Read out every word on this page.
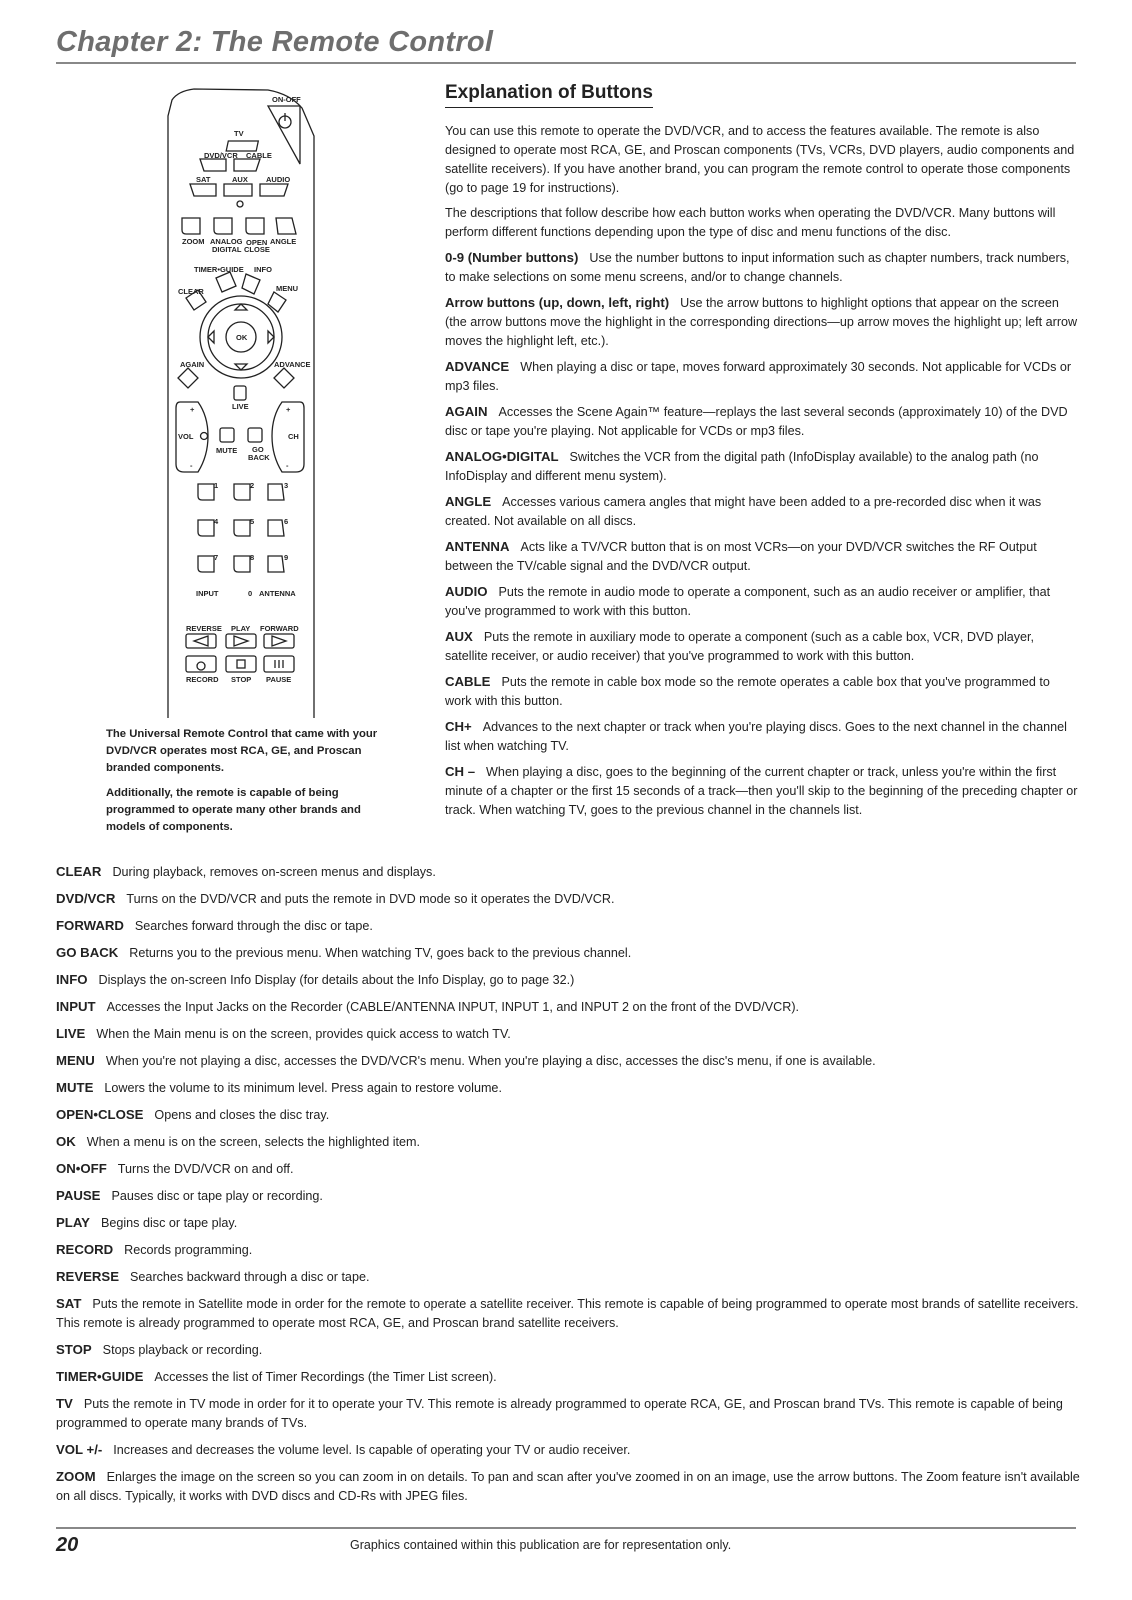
Chapter 2: The Remote Control
ON-OFF
TV
DVD/VCR CABLE
SAT	AUX AUDIO
ZOOM ANALOG
DIGITAL
OPEN
CLOSE
ANGLE
TIMER•GUIDE INFO
CLEAR	MENU
OK
AGAIN	ADVANCE
LIVE
VOL	CH
+	+
-	-
MUTE GO
BACK
1	2	3
4	5	6
7	8	9
INPUT	0 ANTENNA
REVERSE PLAY FORWARD
RECORD STOP PAUSE

The Universal Remote Control that came with your DVD/VCR operates most RCA, GE, and Proscan branded components.

Additionally, the remote is capable of being programmed to operate many other brands and models of components.

Explanation of Buttons

You can use this remote to operate the DVD/VCR, and to access the features available. The remote is also designed to operate most RCA, GE, and Proscan components (TVs, VCRs, DVD players, audio components and satellite receivers). If you have another brand, you can program the remote control to operate those components (go to page 19 for instructions).

The descriptions that follow describe how each button works when operating the DVD/VCR. Many buttons will perform different functions depending upon the type of disc and menu functions of the disc.

0-9 (Number buttons) Use the number buttons to input information such as chapter numbers, track numbers, to make selections on some menu screens, and/or to change channels.

Arrow buttons (up, down, left, right) Use the arrow buttons to highlight options that appear on the screen (the arrow buttons move the highlight in the corresponding directions—up arrow moves the highlight up; left arrow moves the highlight left, etc.).

ADVANCE When playing a disc or tape, moves forward approximately 30 seconds. Not applicable for VCDs or mp3 files.

AGAIN Accesses the Scene Again™ feature—replays the last several seconds (approximately 10) of the DVD disc or tape you're playing. Not applicable for VCDs or mp3 files.

ANALOG•DIGITAL Switches the VCR from the digital path (InfoDisplay available) to the analog path (no InfoDisplay and different menu system).

ANGLE Accesses various camera angles that might have been added to a pre-recorded disc when it was created. Not available on all discs.

ANTENNA Acts like a TV/VCR button that is on most VCRs—on your DVD/VCR switches the RF Output between the TV/cable signal and the DVD/VCR output.

AUDIO Puts the remote in audio mode to operate a component, such as an audio receiver or amplifier, that you've programmed to work with this button.

AUX Puts the remote in auxiliary mode to operate a component (such as a cable box, VCR, DVD player, satellite receiver, or audio receiver) that you've programmed to work with this button.

CABLE Puts the remote in cable box mode so the remote operates a cable box that you've programmed to work with this button.

CH+ Advances to the next chapter or track when you're playing discs. Goes to the next channel in the channel list when watching TV.

CH – When playing a disc, goes to the beginning of the current chapter or track, unless you're within the first minute of a chapter or the first 15 seconds of a track—then you'll skip to the beginning of the preceding chapter or track. When watching TV, goes to the previous channel in the channels list.

CLEAR During playback, removes on-screen menus and displays.

DVD/VCR Turns on the DVD/VCR and puts the remote in DVD mode so it operates the DVD/VCR.

FORWARD Searches forward through the disc or tape.

GO BACK Returns you to the previous menu. When watching TV, goes back to the previous channel.

INFO Displays the on-screen Info Display (for details about the Info Display, go to page 32.)

INPUT Accesses the Input Jacks on the Recorder (CABLE/ANTENNA INPUT, INPUT 1, and INPUT 2 on the front of the DVD/VCR).

LIVE When the Main menu is on the screen, provides quick access to watch TV.

MENU When you're not playing a disc, accesses the DVD/VCR's menu. When you're playing a disc, accesses the disc's menu, if one is available.

MUTE Lowers the volume to its minimum level. Press again to restore volume.

OPEN•CLOSE Opens and closes the disc tray.

OK When a menu is on the screen, selects the highlighted item.

ON•OFF Turns the DVD/VCR on and off.

PAUSE Pauses disc or tape play or recording.

PLAY Begins disc or tape play.

RECORD Records programming.

REVERSE Searches backward through a disc or tape.

SAT Puts the remote in Satellite mode in order for the remote to operate a satellite receiver. This remote is capable of being programmed to operate most brands of satellite receivers. This remote is already programmed to operate most RCA, GE, and Proscan brand satellite receivers.

STOP Stops playback or recording.

TIMER•GUIDE Accesses the list of Timer Recordings (the Timer List screen).

TV Puts the remote in TV mode in order for it to operate your TV. This remote is already programmed to operate RCA, GE, and Proscan brand TVs. This remote is capable of being programmed to operate many brands of TVs.

VOL +/- Increases and decreases the volume level. Is capable of operating your TV or audio receiver.

ZOOM Enlarges the image on the screen so you can zoom in on details. To pan and scan after you've zoomed in on an image, use the arrow buttons. The Zoom feature isn't available on all discs. Typically, it works with DVD discs and CD-Rs with JPEG files.

20	Graphics contained within this publication are for representation only.
